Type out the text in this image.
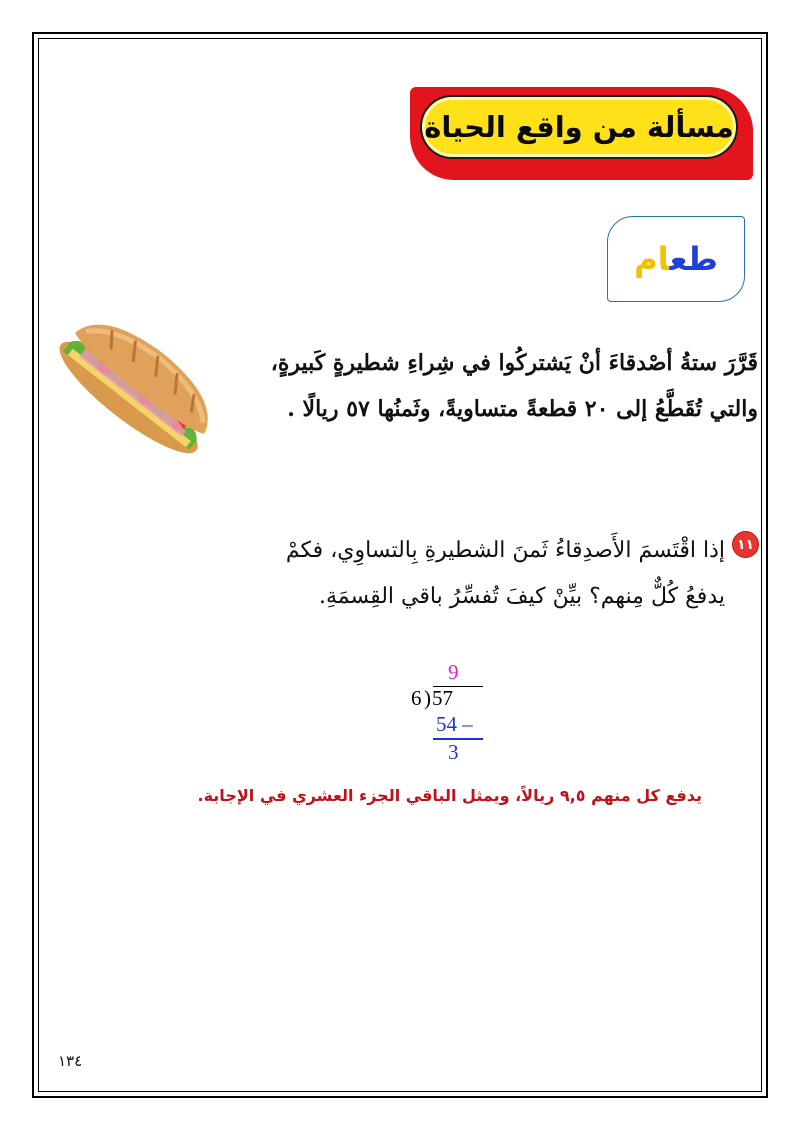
مسألة من واقع الحياة
طعام
قَرَّرَ ستةُ أصْدقاءَ أنْ يَشتركُوا في شِراءِ شطيرةٍ كَبيرةٍ،
والتي تُقَطَّعُ إلى ٢٠ قطعةً متساويةً، وثَمنُها ٥٧ ريالًا .
١١
إذا اقْتَسمَ الأَصدِقاءُ ثَمنَ الشطيرةِ بِالتساوِي، فكمْ
يدفعُ كُلٌّ مِنهم؟ بيِّنْ كيفَ تُفسِّرُ باقي القِسمَةِ.
9
6 ) 57
54 –
3

يدفع كل منهم ٩,٥ ريالاً، ويمثل الباقي الجزء العشري في الإجابة.

١٣٤
